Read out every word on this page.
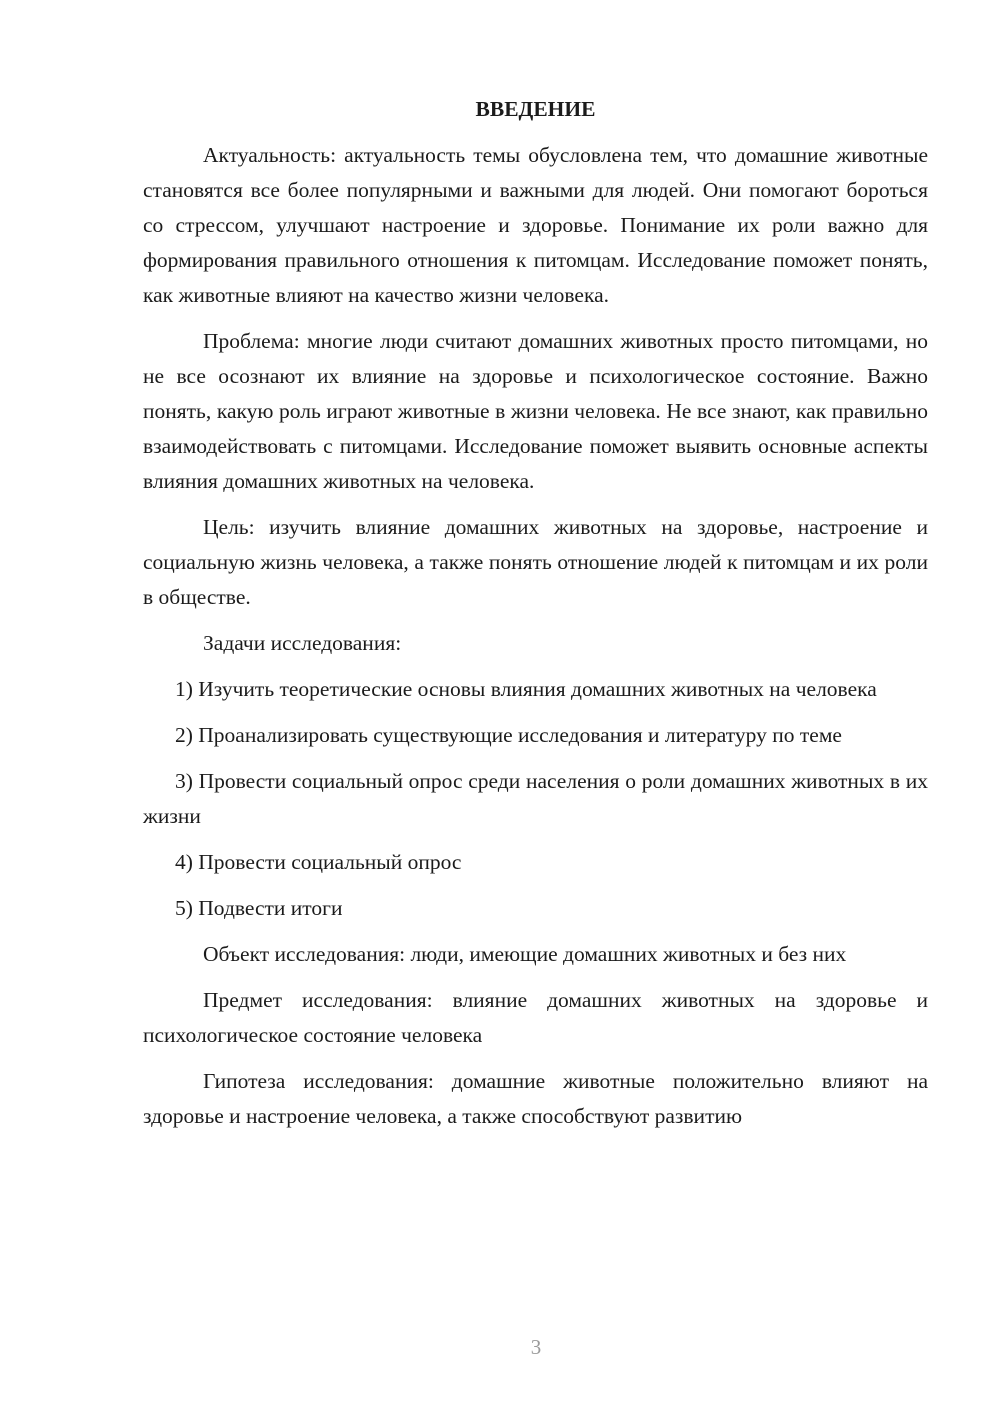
ВВЕДЕНИЕ

Актуальность: актуальность темы обусловлена тем, что домашние животные становятся все более популярными и важными для людей. Они помогают бороться со стрессом, улучшают настроение и здоровье. Понимание их роли важно для формирования правильного отношения к питомцам. Исследование поможет понять, как животные влияют на качество жизни человека.

Проблема: многие люди считают домашних животных просто питомцами, но не все осознают их влияние на здоровье и психологическое состояние. Важно понять, какую роль играют животные в жизни человека. Не все знают, как правильно взаимодействовать с питомцами. Исследование поможет выявить основные аспекты влияния домашних животных на человека.

Цель: изучить влияние домашних животных на здоровье, настроение и социальную жизнь человека, а также понять отношение людей к питомцам и их роли в обществе.

Задачи исследования:

1) Изучить теоретические основы влияния домашних животных на человека

2) Проанализировать существующие исследования и литературу по теме

3) Провести социальный опрос среди населения о роли домашних животных в их жизни

4) Провести социальный опрос

5) Подвести итоги

Объект исследования: люди, имеющие домашних животных и без них

Предмет исследования: влияние домашних животных на здоровье и психологическое состояние человека

Гипотеза исследования: домашние животные положительно влияют на здоровье и настроение человека, а также способствуют развитию

3
